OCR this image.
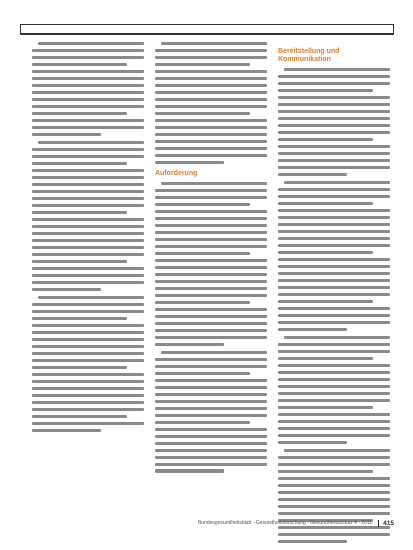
Auforderung
Bereitstellung und Kommunikation
Bundesgesundheitsblatt - Gesundheitsforschung - Gesundheitsschutz 4 · 2011	415
